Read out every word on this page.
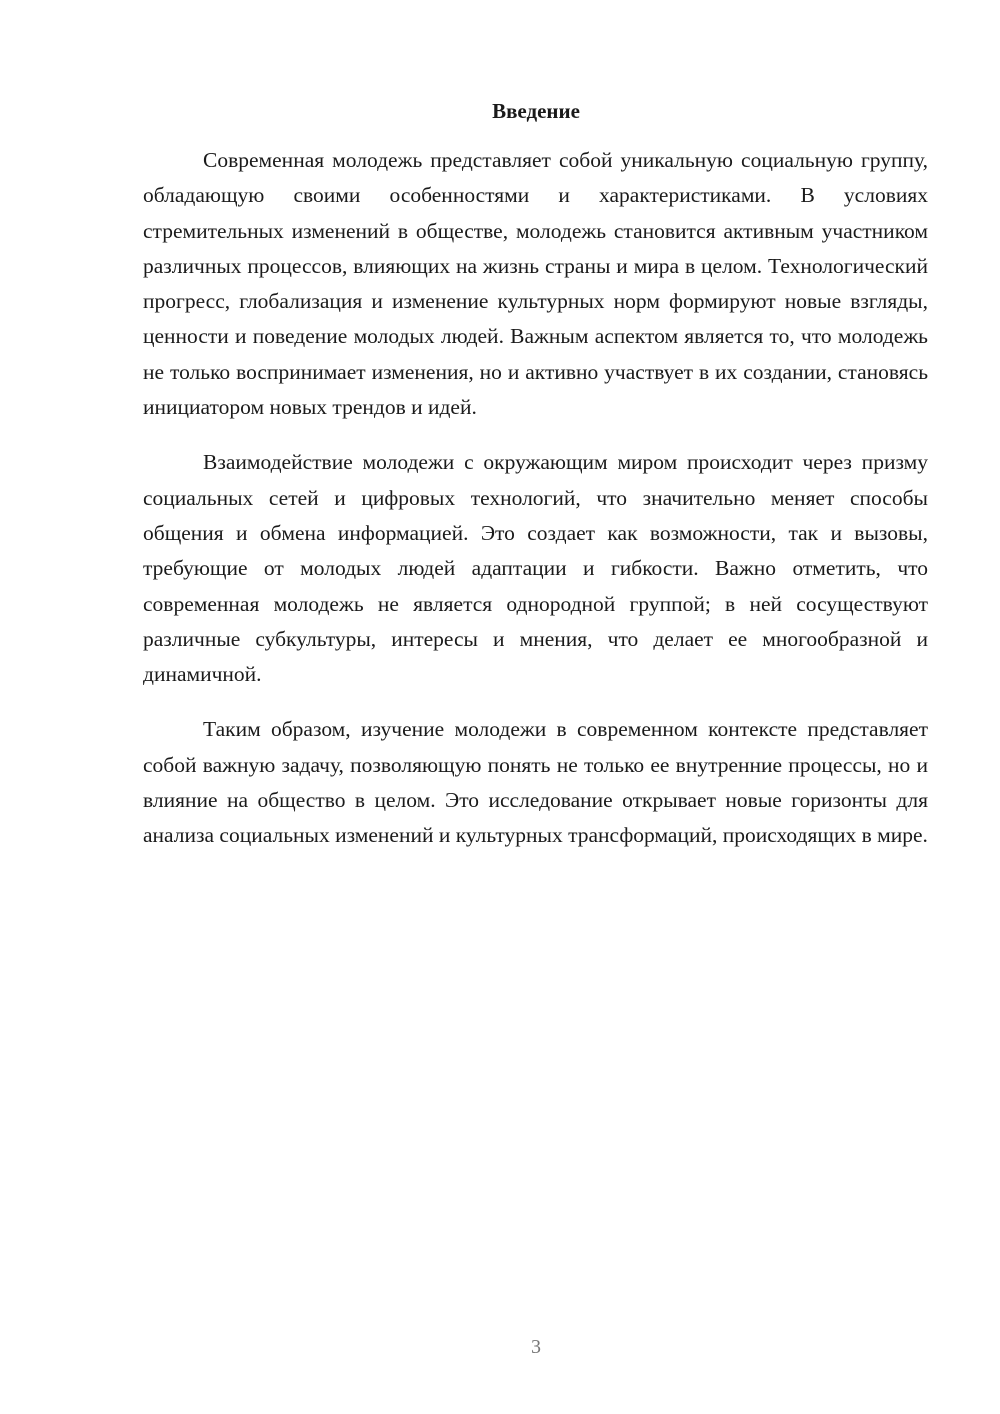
Введение

Современная молодежь представляет собой уникальную социальную группу, обладающую своими особенностями и характеристиками. В условиях стремительных изменений в обществе, молодежь становится активным участником различных процессов, влияющих на жизнь страны и мира в целом. Технологический прогресс, глобализация и изменение культурных норм формируют новые взгляды, ценности и поведение молодых людей. Важным аспектом является то, что молодежь не только воспринимает изменения, но и активно участвует в их создании, становясь инициатором новых трендов и идей.

Взаимодействие молодежи с окружающим миром происходит через призму социальных сетей и цифровых технологий, что значительно меняет способы общения и обмена информацией. Это создает как возможности, так и вызовы, требующие от молодых людей адаптации и гибкости. Важно отметить, что современная молодежь не является однородной группой; в ней сосуществуют различные субкультуры, интересы и мнения, что делает ее многообразной и динамичной.

Таким образом, изучение молодежи в современном контексте представляет собой важную задачу, позволяющую понять не только ее внутренние процессы, но и влияние на общество в целом. Это исследование открывает новые горизонты для анализа социальных изменений и культурных трансформаций, происходящих в мире.

3
